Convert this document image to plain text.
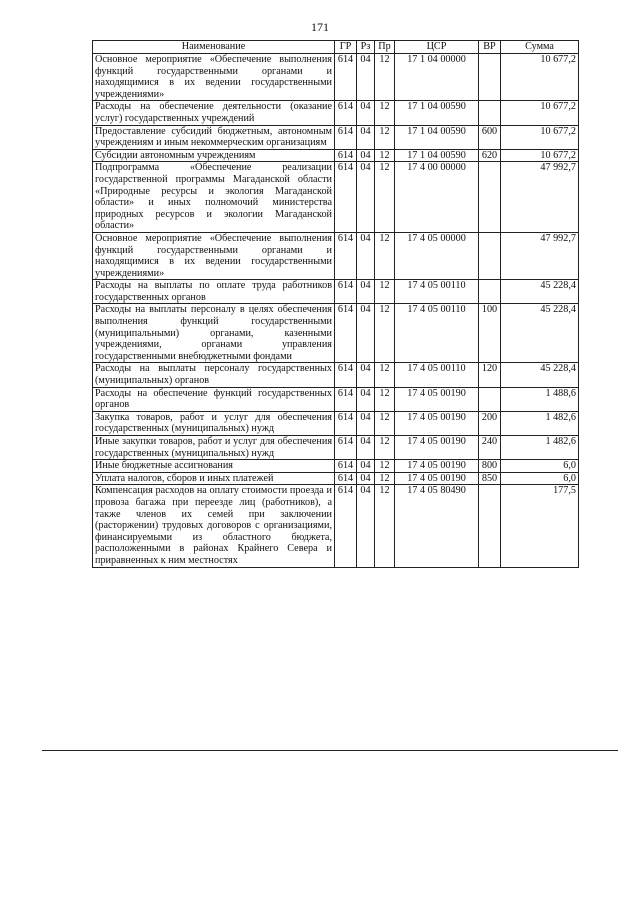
171
Наименование	ГР	Рз	Пр	ЦСР	ВР	Сумма
Основное мероприятие «Обеспечение выполнения функций государственными органами и находящимися в их ведении государственными учреждениями»	614	04	12	17 1 04 00000		10 677,2
Расходы на обеспечение деятельности (оказание услуг) государственных учреждений	614	04	12	17 1 04 00590		10 677,2
Предоставление субсидий бюджетным, автономным учреждениям и иным некоммерческим организациям	614	04	12	17 1 04 00590	600	10 677,2
Субсидии автономным учреждениям	614	04	12	17 1 04 00590	620	10 677,2
Подпрограмма «Обеспечение реализации государственной программы Магаданской области «Природные ресурсы и экология Магаданской области» и иных полномочий министерства природных ресурсов и экологии Магаданской области»	614	04	12	17 4 00 00000		47 992,7
Основное мероприятие «Обеспечение выполнения функций государственными органами и находящимися в их ведении государственными учреждениями»	614	04	12	17 4 05 00000		47 992,7
Расходы на выплаты по оплате труда работников государственных органов	614	04	12	17 4 05 00110		45 228,4
Расходы на выплаты персоналу в целях обеспечения выполнения функций государственными (муниципальными) органами, казенными учреждениями, органами управления государственными внебюджетными фондами	614	04	12	17 4 05 00110	100	45 228,4
Расходы на выплаты персоналу государственных (муниципальных) органов	614	04	12	17 4 05 00110	120	45 228,4
Расходы на обеспечение функций государственных органов	614	04	12	17 4 05 00190		1 488,6
Закупка товаров, работ и услуг для обеспечения государственных (муниципальных) нужд	614	04	12	17 4 05 00190	200	1 482,6
Иные закупки товаров, работ и услуг для обеспечения государственных (муниципальных) нужд	614	04	12	17 4 05 00190	240	1 482,6
Иные бюджетные ассигнования	614	04	12	17 4 05 00190	800	6,0
Уплата налогов, сборов и иных платежей	614	04	12	17 4 05 00190	850	6,0
Компенсация расходов на оплату стоимости проезда и провоза багажа при переезде лиц (работников), а также членов их семей при заключении (расторжении) трудовых договоров с организациями, финансируемыми из областного бюджета, расположенными в районах Крайнего Севера и приравненных к ним местностях	614	04	12	17 4 05 80490		177,5
